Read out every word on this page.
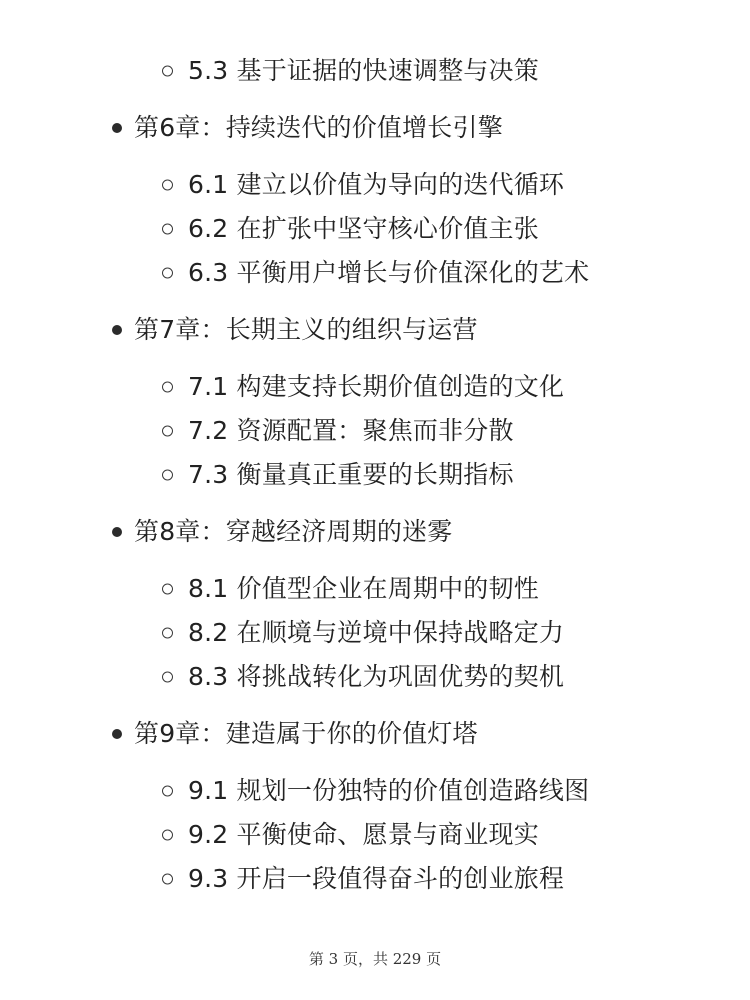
5.3 基于证据的快速调整与决策
第6章：持续迭代的价值增长引擎
6.1 建立以价值为导向的迭代循环
6.2 在扩张中坚守核心价值主张
6.3 平衡用户增长与价值深化的艺术
第7章：长期主义的组织与运营
7.1 构建支持长期价值创造的文化
7.2 资源配置：聚焦而非分散
7.3 衡量真正重要的长期指标
第8章：穿越经济周期的迷雾
8.1 价值型企业在周期中的韧性
8.2 在顺境与逆境中保持战略定力
8.3 将挑战转化为巩固优势的契机
第9章：建造属于你的价值灯塔
9.1 规划一份独特的价值创造路线图
9.2 平衡使命、愿景与商业现实
9.3 开启一段值得奋斗的创业旅程
第 3 页，共 229 页
